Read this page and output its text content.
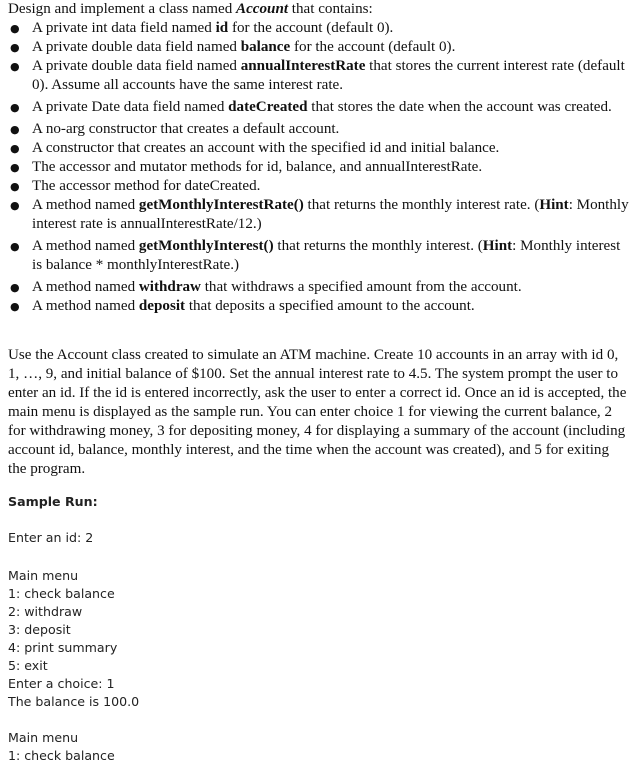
Design and implement a class named Account that contains:

● A private int data field named id for the account (default 0).
● A private double data field named balance for the account (default 0).
● A private double data field named annualInterestRate that stores the current interest rate (default 0). Assume all accounts have the same interest rate.
● A private Date data field named dateCreated that stores the date when the account was created.
● A no-arg constructor that creates a default account.
● A constructor that creates an account with the specified id and initial balance.
● The accessor and mutator methods for id, balance, and annualInterestRate.
● The accessor method for dateCreated.
● A method named getMonthlyInterestRate() that returns the monthly interest rate. (Hint: Monthly interest rate is annualInterestRate/12.)
● A method named getMonthlyInterest() that returns the monthly interest. (Hint: Monthly interest is balance * monthlyInterestRate.)
● A method named withdraw that withdraws a specified amount from the account.
● A method named deposit that deposits a specified amount to the account.

Use the Account class created to simulate an ATM machine. Create 10 accounts in an array with id 0, 1, …, 9, and initial balance of $100. Set the annual interest rate to 4.5. The system prompt the user to enter an id. If the id is entered incorrectly, ask the user to enter a correct id. Once an id is accepted, the main menu is displayed as the sample run. You can enter choice 1 for viewing the current balance, 2 for withdrawing money, 3 for depositing money, 4 for displaying a summary of the account (including account id, balance, monthly interest, and the time when the account was created), and 5 for exiting the program.

Sample Run:

Enter an id: 2

Main menu

1: check balance

2: withdraw

3: deposit

4: print summary

5: exit

Enter a choice: 1

The balance is 100.0

Main menu

1: check balance
